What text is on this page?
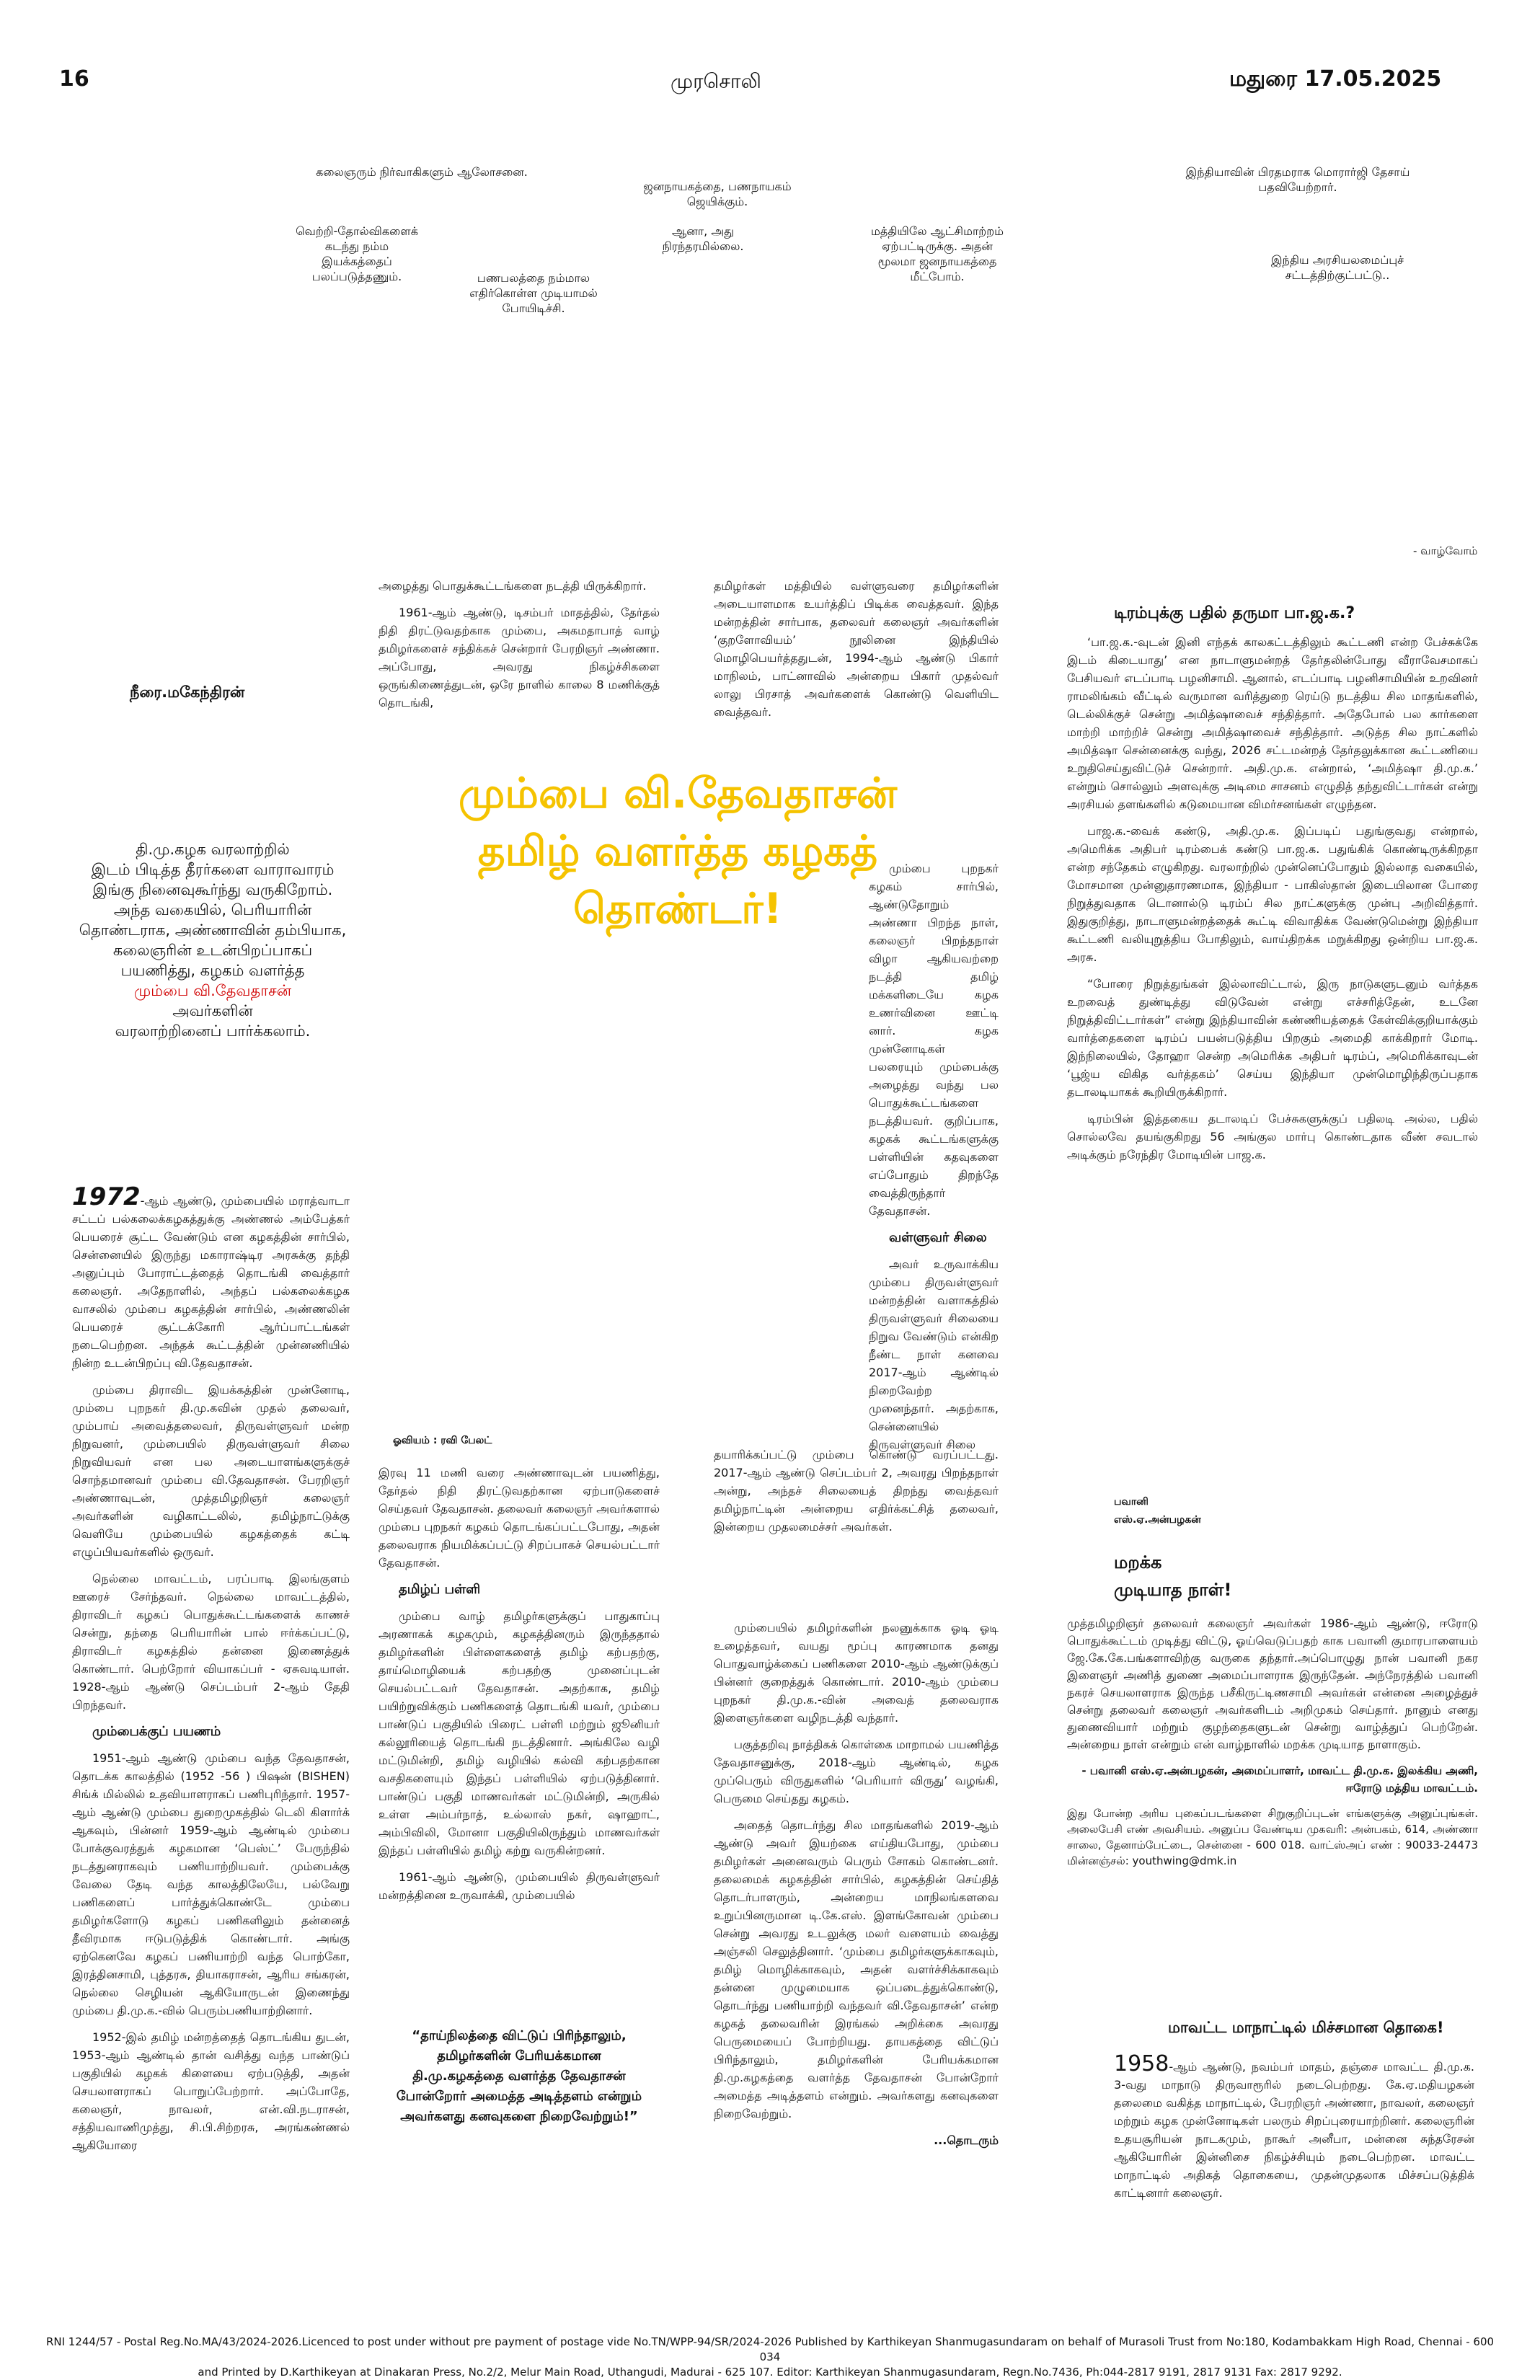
16	முரசொலி	மதுரை 17.05.2025
கலைஞரும் நிர்வாகிகளும் ஆலோசனை.
ஜனநாயகத்தை, பணநாயகம் ஜெயிக்கும்.
வெற்றி-தோல்விகளைக் கடந்து நம்ம இயக்கத்தைப் பலப்படுத்தணும்.
ஆனா, அது நிரந்தரமில்லை.
இந்தியாவின் பிரதமராக மொரார்ஜி தேசாய் பதவியேற்றார்.
மத்தியிலே ஆட்சிமாற்றம் ஏற்பட்டிருக்கு. அதன் மூலமா ஜனநாயகத்தை மீட்போம்.
பணபலத்தை நம்மால எதிர்கொள்ள முடியாமல் போயிடிச்சி.
இந்திய அரசியலமைப்புச் சட்டத்திற்குட்பட்டு..
- வாழ்வோம்
நீரை.மகேந்திரன்
தி.மு.கழக வரலாற்றில்
இடம் பிடித்த தீரர்களை வாராவாரம்
இங்கு நினைவுகூர்ந்து வருகிறோம்.
அந்த வகையில், பெரியாரின்
தொண்டராக, அண்ணாவின் தம்பியாக,
கலைஞரின் உடன்பிறப்பாகப்
பயணித்து, கழகம் வளர்த்த
மும்பை வி.தேவதாசன்
அவர்களின்
வரலாற்றினைப் பார்க்கலாம்.
மும்பை வி.தேவதாசன்
தமிழ் வளர்த்த கழகத் தொண்டர்!

1972-ஆம் ஆண்டு, மும்பையில் மராத்வாடா சட்டப் பல்கலைக்கழகத்துக்கு அண்ணல் அம்பேத்கர் பெயரைச் சூட்ட வேண்டும் என கழகத்தின் சார்பில், சென்னையில் இருந்து மகாராஷ்டிர அரசுக்கு தந்தி அனுப்பும் போராட்டத்தைத் தொடங்கி வைத்தார் கலைஞர். அதேநாளில், அந்தப் பல்கலைக்கழக வாசலில் மும்பை கழகத்தின் சார்பில், அண்ணலின் பெயரைச் சூட்டக்கோரி ஆர்ப்பாட்டங்கள் நடைபெற்றன. அந்தக் கூட்டத்தின் முன்னணியில் நின்ற உடன்பிறப்பு வி.தேவதாசன்.

மும்பை திராவிட இயக்கத்தின் முன்னோடி, மும்பை புறநகர் தி.மு.கவின் முதல் தலைவர், மும்பாய் அவைத்தலைவர், திருவள்ளுவர் மன்ற நிறுவனர், மும்பையில் திருவள்ளுவர் சிலை நிறுவியவர் என பல அடையாளங்களுக்குச் சொந்தமானவர் மும்பை வி.தேவதாசன். பேரறிஞர் அண்ணாவுடன், முத்தமிழறிஞர் கலைஞர் அவர்களின் வழிகாட்டலில், தமிழ்நாட்டுக்கு வெளியே மும்பையில் கழகத்தைக் கட்டி எழுப்பியவர்களில் ஒருவர்.

நெல்லை மாவட்டம், பரப்பாடி இலங்குளம் ஊரைச் சேர்ந்தவர். நெல்லை மாவட்டத்தில், திராவிடர் கழகப் பொதுக்கூட்டங்களைக் காணச் சென்று, தந்தை பெரியாரின் பால் ஈர்க்கப்பட்டு, திராவிடர் கழகத்தில் தன்னை இணைத்துக் கொண்டார். பெற்றோர் வியாகப்பர் - ஏசுவடியாள். 1928-ஆம் ஆண்டு செப்டம்பர் 2-ஆம் தேதி பிறந்தவர்.

மும்பைக்குப் பயணம்

1951-ஆம் ஆண்டு மும்பை வந்த தேவதாசன், தொடக்க காலத்தில் (1952 -56 ) பிஷன் (BISHEN) சிங்க் மில்லில் உதவியாளராகப் பணிபுரிந்தார். 1957-ஆம் ஆண்டு மும்பை துறைமுகத்தில் டெலி கிளார்க் ஆகவும், பின்னர் 1959-ஆம் ஆண்டில் மும்பை போக்குவரத்துக் கழகமான ‘பெஸ்ட்’ பேருந்தில் நடத்துனராகவும் பணியாற்றியவர். மும்பைக்கு வேலை தேடி வந்த காலத்திலேயே, பல்வேறு பணிகளைப் பார்த்துக்கொண்டே மும்பை தமிழர்களோடு கழகப் பணிகளிலும் தன்னைத் தீவிரமாக ஈடுபடுத்திக் கொண்டார். அங்கு ஏற்கெனவே கழகப் பணியாற்றி வந்த பொற்கோ, இரத்தினசாமி, புத்தரசு, தியாகராசன், ஆரிய சங்கரன், நெல்லை செழியன் ஆகியோருடன் இணைந்து மும்பை தி.மு.க.-வில் பெரும்பணியாற்றினார்.

1952-இல் தமிழ் மன்றத்தைத் தொடங்கிய துடன், 1953-ஆம் ஆண்டில் தான் வசித்து வந்த பாண்டுப் பகுதியில் கழகக் கிளையை ஏற்படுத்தி, அதன் செயலாளராகப் பொறுப்பேற்றார். அப்போதே, கலைஞர், நாவலர், என்.வி.நடராசன், சத்தியவாணிமுத்து, சி.பி.சிற்றரசு, அரங்கண்ணல் ஆகியோரை

அழைத்து பொதுக்கூட்டங்களை நடத்தி யிருக்கிறார்.

1961-ஆம் ஆண்டு, டிசம்பர் மாதத்தில், தேர்தல் நிதி திரட்டுவதற்காக மும்பை, அகமதாபாத் வாழ் தமிழர்களைச் சந்திக்கச் சென்றார் பேரறிஞர் அண்ணா. அப்போது, அவரது நிகழ்ச்சிகளை ஒருங்கிணைத்துடன், ஒரே நாளில் காலை 8 மணிக்குத் தொடங்கி,

தமிழர்கள் மத்தியில் வள்ளுவரை தமிழர்களின் அடையாளமாக உயர்த்திப் பிடிக்க வைத்தவர். இந்த மன்றத்தின் சார்பாக, தலைவர் கலைஞர் அவர்களின் ‘குறளோவியம்’ நூலினை இந்தியில் மொழிபெயர்த்ததுடன், 1994-ஆம் ஆண்டு பிகார் மாநிலம், பாட்னாவில் அன்றைய பிகார் முதல்வர் லாலு பிரசாத் அவர்களைக் கொண்டு வெளியிட வைத்தவர்.

மும்பை புறநகர் கழகம் சார்பில், ஆண்டுதோறும் அண்ணா பிறந்த நாள், கலைஞர் பிறந்தநாள் விழா ஆகியவற்றை நடத்தி தமிழ் மக்களிடையே கழக உணர்வினை ஊட்டி னார். கழக முன்னோடிகள் பலரையும் மும்பைக்கு அழைத்து வந்து பல பொதுக்கூட்டங்களை நடத்தியவர். குறிப்பாக, கழகக் கூட்டங்களுக்கு பள்ளியின் கதவுகளை எப்போதும் திறந்தே வைத்திருந்தார் தேவதாசன்.

வள்ளுவர் சிலை

அவர் உருவாக்கிய மும்பை திருவள்ளுவர் மன்றத்தின் வளாகத்தில் திருவள்ளுவர் சிலையை நிறுவ வேண்டும் என்கிற நீண்ட நாள் கனவை 2017-ஆம் ஆண்டில் நிறைவேற்ற முனைந்தார். அதற்காக, சென்னையில் திருவள்ளுவர் சிலை

ஓவியம் : ரவி பேலட்

தயாரிக்கப்பட்டு மும்பை கொண்டு வரப்பட்டது. 2017-ஆம் ஆண்டு செப்டம்பர் 2, அவரது பிறந்தநாள் அன்று, அந்தச் சிலையைத் திறந்து வைத்தவர் தமிழ்நாட்டின் அன்றைய எதிர்க்கட்சித் தலைவர், இன்றைய முதலமைச்சர் அவர்கள்.

இரவு 11 மணி வரை அண்ணாவுடன் பயணித்து, தேர்தல் நிதி திரட்டுவதற்கான ஏற்பாடுகளைச் செய்தவர் தேவதாசன். தலைவர் கலைஞர் அவர்களால் மும்பை புறநகர் கழகம் தொடங்கப்பட்டபோது, அதன் தலைவராக நியமிக்கப்பட்டு சிறப்பாகச் செயல்பட்டார் தேவதாசன்.

தமிழ்ப் பள்ளி

மும்பை வாழ் தமிழர்களுக்குப் பாதுகாப்பு அரணாகக் கழகமும், கழகத்தினரும் இருந்ததால் தமிழர்களின் பிள்ளைகளைத் தமிழ் கற்பதற்கு, தாய்மொழியைக் கற்பதற்கு முனைப்புடன் செயல்பட்டவர் தேவதாசன். அதற்காக, தமிழ் பயிற்றுவிக்கும் பணிகளைத் தொடங்கி யவர், மும்பை பாண்டுப் பகுதியில் பிரைட் பள்ளி மற்றும் ஜூனியர் கல்லூரியைத் தொடங்கி நடத்தினார். அங்கிலே வழி மட்டுமின்றி, தமிழ் வழியில் கல்வி கற்பதற்கான வசதிகளையும் இந்தப் பள்ளியில் ஏற்படுத்தினார். பாண்டுப் பகுதி மாணவர்கள் மட்டுமின்றி, அருகில் உள்ள அம்பர்நாத், உல்லாஸ் நகர், ஷாஹாட், அம்பிவிலி, மோனா பகுதியிலிருந்தும் மாணவர்கள் இந்தப் பள்ளியில் தமிழ் கற்று வருகின்றனர்.

1961-ஆம் ஆண்டு, மும்பையில் திருவள்ளுவர் மன்றத்தினை உருவாக்கி, மும்பையில்

“தாய்நிலத்தை விட்டுப் பிரிந்தாலும், தமிழர்களின் பேரியக்கமான தி.மு.கழகத்தை வளர்த்த தேவதாசன் போன்றோர் அமைத்த அடித்தளம் என்றும் அவர்களது கனவுகளை நிறைவேற்றும்!”

மும்பையில் தமிழர்களின் நலனுக்காக ஓடி ஓடி உழைத்தவர், வயது மூப்பு காரணமாக தனது பொதுவாழ்க்கைப் பணிகளை 2010-ஆம் ஆண்டுக்குப் பின்னர் குறைத்துக் கொண்டார். 2010-ஆம் மும்பை புறநகர் தி.மு.க.-வின் அவைத் தலைவராக இளைஞர்களை வழிநடத்தி வந்தார்.

பகுத்தறிவு நாத்திகக் கொள்கை மாறாமல் பயணித்த தேவதாசனுக்கு, 2018-ஆம் ஆண்டில், கழக முப்பெரும் விருதுகளில் ‘பெரியார் விருது’ வழங்கி, பெருமை செய்தது கழகம்.

அதைத் தொடர்ந்து சில மாதங்களில் 2019-ஆம் ஆண்டு அவர் இயற்கை எய்தியபோது, மும்பை தமிழர்கள் அனைவரும் பெரும் சோகம் கொண்டனர். தலைமைக் கழகத்தின் சார்பில், கழகத்தின் செய்தித் தொடர்பாளரும், அன்றைய மாநிலங்களவை உறுப்பினருமான டி.கே.எஸ். இளங்கோவன் மும்பை சென்று அவரது உடலுக்கு மலர் வளையம் வைத்து அஞ்சலி செலுத்தினார். ‘மும்பை தமிழர்களுக்காகவும், தமிழ் மொழிக்காகவும், அதன் வளர்ச்சிக்காகவும் தன்னை முழுமையாக ஒப்படைத்துக்கொண்டு, தொடர்ந்து பணியாற்றி வந்தவர் வி.தேவதாசன்’ என்ற கழகத் தலைவரின் இரங்கல் அறிக்கை அவரது பெருமையைப் போற்றியது. தாயகத்தை விட்டுப் பிரிந்தாலும், தமிழர்களின் பேரியக்கமான தி.மு.கழகத்தை வளர்த்த தேவதாசன் போன்றோர் அமைத்த அடித்தளம் என்றும். அவர்களது கனவுகளை நிறைவேற்றும்.

...தொடரும்

டிரம்புக்கு பதில் தருமா பா.ஜ.க.?

‘பா.ஜ.க.-வுடன் இனி எந்தக் காலகட்டத்திலும் கூட்டணி என்ற பேச்சுக்கே இடம் கிடையாது’ என நாடாளுமன்றத் தேர்தலின்போது வீராவேசமாகப் பேசியவர் எடப்பாடி பழனிசாமி. ஆனால், எடப்பாடி பழனிசாமியின் உறவினர் ராமலிங்கம் வீட்டில் வருமான வரித்துறை ரெய்டு நடத்திய சில மாதங்களில், டெல்லிக்குச் சென்று அமித்ஷாவைச் சந்தித்தார். அதேபோல் பல கார்களை மாற்றி மாற்றிச் சென்று அமித்ஷாவைச் சந்தித்தார். அடுத்த சில நாட்களில் அமித்ஷா சென்னைக்கு வந்து, 2026 சட்டமன்றத் தேர்தலுக்கான கூட்டணியை உறுதிசெய்துவிட்டுச் சென்றார். அதி.மு.க. என்றால், ‘அமித்ஷா தி.மு.க.’ என்றும் சொல்லும் அளவுக்கு அடிமை சாசனம் எழுதித் தந்துவிட்டார்கள் என்று அரசியல் தளங்களில் கடுமையான விமர்சனங்கள் எழுந்தன.

பாஜ.க.-வைக் கண்டு, அதி.மு.க. இப்படிப் பதுங்குவது என்றால், அமெரிக்க அதிபர் டிரம்பைக் கண்டு பா.ஜ.க. பதுங்கிக் கொண்டிருக்கிறதா என்ற சந்தேகம் எழுகிறது. வரலாற்றில் முன்னெப்போதும் இல்லாத வகையில், மோசமான முன்னுதாரணமாக, இந்தியா - பாகிஸ்தான் இடையிலான போரை நிறுத்துவதாக டொனால்டு டிரம்ப் சில நாட்களுக்கு முன்பு அறிவித்தார். இதுகுறித்து, நாடாளுமன்றத்தைக் கூட்டி விவாதிக்க வேண்டுமென்று இந்தியா கூட்டணி வலியுறுத்திய போதிலும், வாய்திறக்க மறுக்கிறது ஒன்றிய பா.ஜ.க. அரசு.

“போரை நிறுத்துங்கள் இல்லாவிட்டால், இரு நாடுகளுடனும் வர்த்தக உறவைத் துண்டித்து விடுவேன் என்று எச்சரித்தேன், உடனே நிறுத்திவிட்டார்கள்” என்று இந்தியாவின் கண்ணியத்தைக் கேள்விக்குறியாக்கும் வார்த்தைகளை டிரம்ப் பயன்படுத்திய பிறகும் அமைதி காக்கிறார் மோடி. இந்நிலையில், தோஹா சென்ற அமெரிக்க அதிபர் டிரம்ப், அமெரிக்காவுடன் ‘பூஜ்ய விகித வர்த்தகம்’ செய்ய இந்தியா முன்மொழிந்திருப்பதாக தடாலடியாகக் கூறியிருக்கிறார்.

டிரம்பின் இத்தகைய தடாலடிப் பேச்சுகளுக்குப் பதிலடி அல்ல, பதில் சொல்லவே தயங்குகிறது 56 அங்குல மார்பு கொண்டதாக வீண் சவடால் அடிக்கும் நரேந்திர மோடியின் பாஜ.க.

பவானி
எஸ்.ஏ.அன்பழகன்
மறக்க
முடியாத நாள்!

முத்தமிழறிஞர் தலைவர் கலைஞர் அவர்கள் 1986-ஆம் ஆண்டு, ஈரோடு பொதுக்கூட்டம் முடித்து விட்டு, ஓய்வெடுப்பதற் காக பவானி குமாரபாளையம் ஜே.கே.கே.பங்களாவிற்கு வருகை தந்தார்.அப்பொழுது நான் பவானி நகர இளைஞர் அணித் துணை அமைப்பாளராக இருந்தேன். அந்நேரத்தில் பவானி நகரச் செயலாளராக இருந்த பசீகிருட்டிணசாமி அவர்கள் என்னை அழைத்துச் சென்று தலைவர் கலைஞர் அவர்களிடம் அறிமுகம் செய்தார். நானும் எனது துணைவியார் மற்றும் குழந்தைகளுடன் சென்று வாழ்த்துப் பெற்றேன். அன்றைய நாள் என்றும் என் வாழ்நாளில் மறக்க முடியாத நாளாகும்.

- பவானி எஸ்.ஏ.அன்பழகன், அமைப்பாளர், மாவட்ட தி.மு.க. இலக்கிய அணி, ஈரோடு மத்திய மாவட்டம்.

இது போன்ற அரிய புகைப்படங்களை சிறுகுறிப்புடன் எங்களுக்கு அனுப்புங்கள். அலைபேசி எண் அவசியம். அனுப்ப வேண்டிய முகவரி: அன்பகம், 614, அண்ணா சாலை, தேனாம்பேட்டை, சென்னை - 600 018. வாட்ஸ்அப் எண் : 90033-24473 மின்னஞ்சல்: youthwing@dmk.in

மாவட்ட மாநாட்டில் மிச்சமான தொகை!

1958-ஆம் ஆண்டு, நவம்பர் மாதம், தஞ்சை மாவட்ட தி.மு.க. 3-வது மாநாடு திருவாரூரில் நடைபெற்றது. கே.ஏ.மதியழகன் தலைமை வகித்த மாநாட்டில், பேரறிஞர் அண்ணா, நாவலர், கலைஞர் மற்றும் கழக முன்னோடிகள் பலரும் சிறப்புரையாற்றினர். கலைஞரின் உதயசூரியன் நாடகமும், நாகூர் அனீபா, மன்னை சுந்தரேசன் ஆகியோரின் இன்னிசை நிகழ்ச்சியும் நடைபெற்றன. மாவட்ட மாநாட்டில் அதிகத் தொகையை, முதன்முதலாக மிச்சப்படுத்திக் காட்டினார் கலைஞர்.

RNI 1244/57 - Postal Reg.No.MA/43/2024-2026.Licenced to post under without pre payment of postage vide No.TN/WPP-94/SR/2024-2026 Published by Karthikeyan Shanmugasundaram on behalf of Murasoli Trust from No:180, Kodambakkam High Road, Chennai - 600 034
and Printed by D.Karthikeyan at Dinakaran Press, No.2/2, Melur Main Road, Uthangudi, Madurai - 625 107. Editor: Karthikeyan Shanmugasundaram, Regn.No.7436, Ph:044-2817 9191, 2817 9131 Fax: 2817 9292.
